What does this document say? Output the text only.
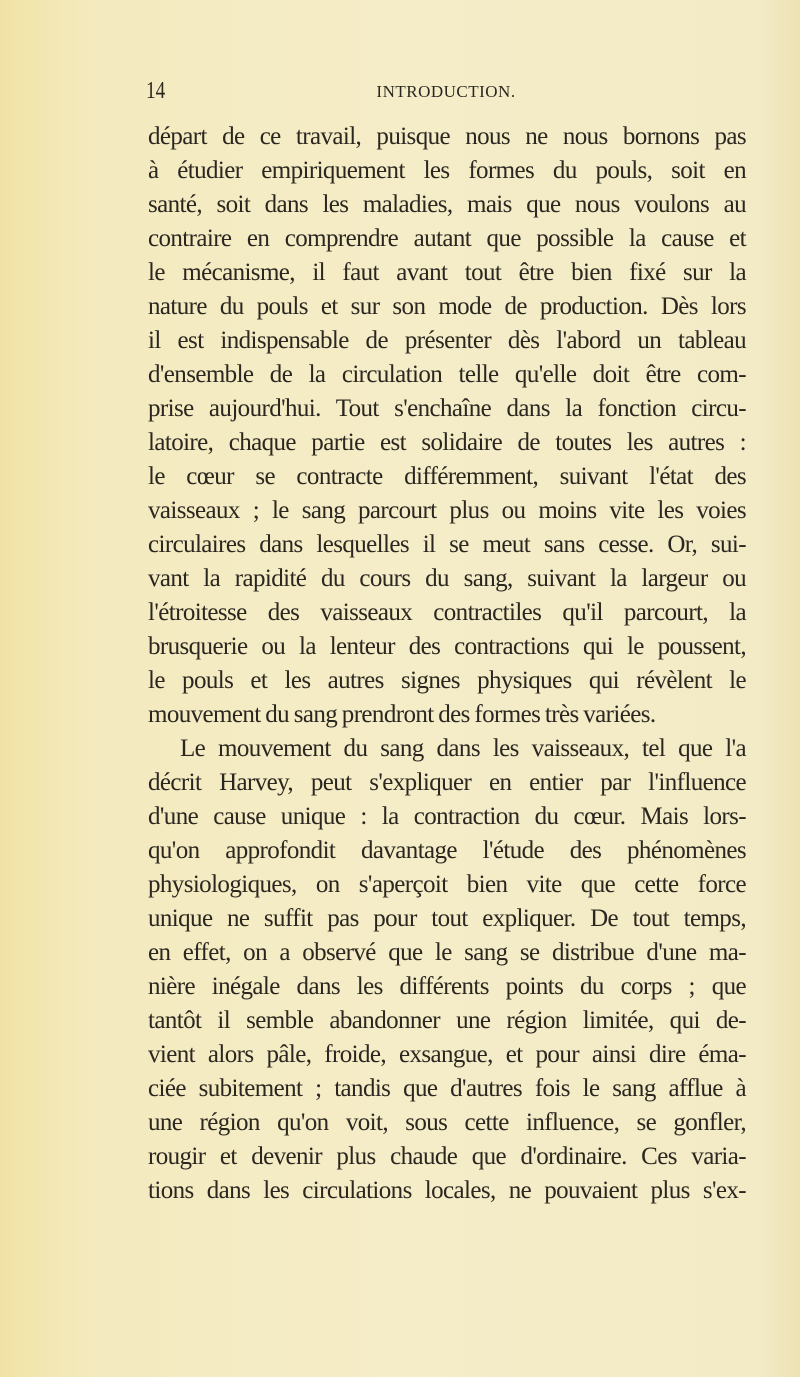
14	INTRODUCTION.
départ de ce travail, puisque nous ne nous bornons pas
à étudier empiriquement les formes du pouls, soit en
santé, soit dans les maladies, mais que nous voulons au
contraire en comprendre autant que possible la cause et
le mécanisme, il faut avant tout être bien fixé sur la
nature du pouls et sur son mode de production. Dès lors
il est indispensable de présenter dès l'abord un tableau
d'ensemble de la circulation telle qu'elle doit être com-
prise aujourd'hui. Tout s'enchaîne dans la fonction circu-
latoire, chaque partie est solidaire de toutes les autres :
le cœur se contracte différemment, suivant l'état des
vaisseaux ; le sang parcourt plus ou moins vite les voies
circulaires dans lesquelles il se meut sans cesse. Or, sui-
vant la rapidité du cours du sang, suivant la largeur ou
l'étroitesse des vaisseaux contractiles qu'il parcourt, la
brusquerie ou la lenteur des contractions qui le poussent,
le pouls et les autres signes physiques qui révèlent le
mouvement du sang prendront des formes très variées.
Le mouvement du sang dans les vaisseaux, tel que l'a
décrit Harvey, peut s'expliquer en entier par l'influence
d'une cause unique : la contraction du cœur. Mais lors-
qu'on approfondit davantage l'étude des phénomènes
physiologiques, on s'aperçoit bien vite que cette force
unique ne suffit pas pour tout expliquer. De tout temps,
en effet, on a observé que le sang se distribue d'une ma-
nière inégale dans les différents points du corps ; que
tantôt il semble abandonner une région limitée, qui de-
vient alors pâle, froide, exsangue, et pour ainsi dire éma-
ciée subitement ; tandis que d'autres fois le sang afflue à
une région qu'on voit, sous cette influence, se gonfler,
rougir et devenir plus chaude que d'ordinaire. Ces varia-
tions dans les circulations locales, ne pouvaient plus s'ex-
